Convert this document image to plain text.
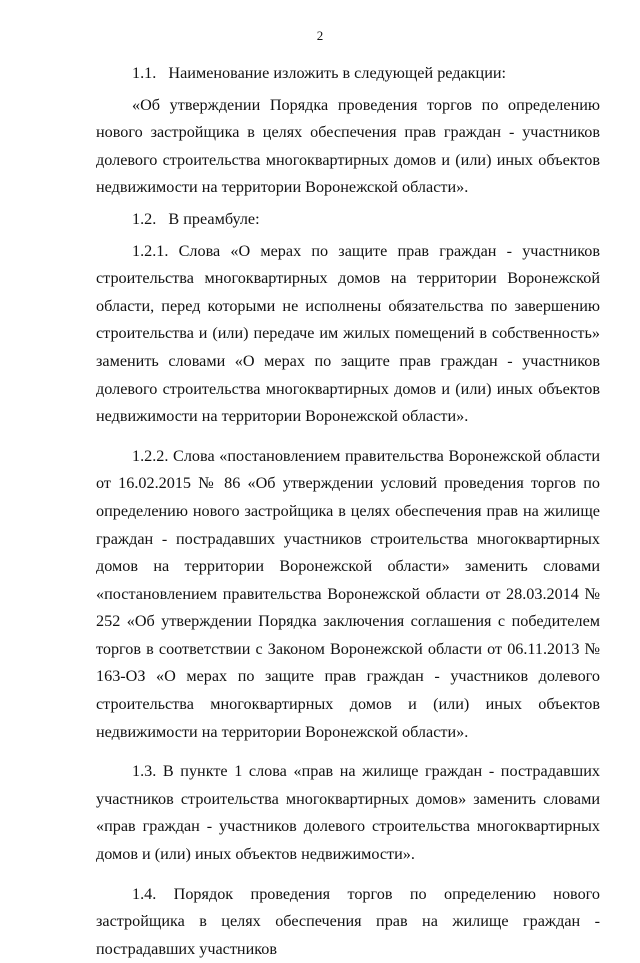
2

1.1.   Наименование изложить в следующей редакции:

«Об утверждении Порядка проведения торгов по определению нового застройщика в целях обеспечения прав граждан - участников долевого строительства многоквартирных домов и (или) иных объектов недвижимости на территории Воронежской области».

1.2.   В преамбуле:

1.2.1. Слова «О мерах по защите прав граждан - участников строительства многоквартирных домов на территории Воронежской области, перед которыми не исполнены обязательства по завершению строительства и (или) передаче им жилых помещений в собственность» заменить словами «О мерах по защите прав граждан - участников долевого строительства многоквартирных домов и (или) иных объектов недвижимости на территории Воронежской области».

1.2.2. Слова «постановлением правительства Воронежской области от 16.02.2015 № 86 «Об утверждении условий проведения торгов по определению нового застройщика в целях обеспечения прав на жилище граждан - пострадавших участников строительства многоквартирных домов на территории Воронежской области» заменить словами «постановлением правительства Воронежской области от 28.03.2014 № 252 «Об утверждении Порядка заключения соглашения с победителем торгов в соответствии с Законом Воронежской области от 06.11.2013 № 163-ОЗ «О мерах по защите прав граждан - участников долевого строительства многоквартирных домов и (или) иных объектов недвижимости на территории Воронежской области».

1.3. В пункте 1 слова «прав на жилище граждан - пострадавших участников строительства многоквартирных домов» заменить словами «прав граждан - участников долевого строительства многоквартирных домов и (или) иных объектов недвижимости».

1.4. Порядок проведения торгов по определению нового застройщика в целях обеспечения прав на жилище граждан - пострадавших участников
